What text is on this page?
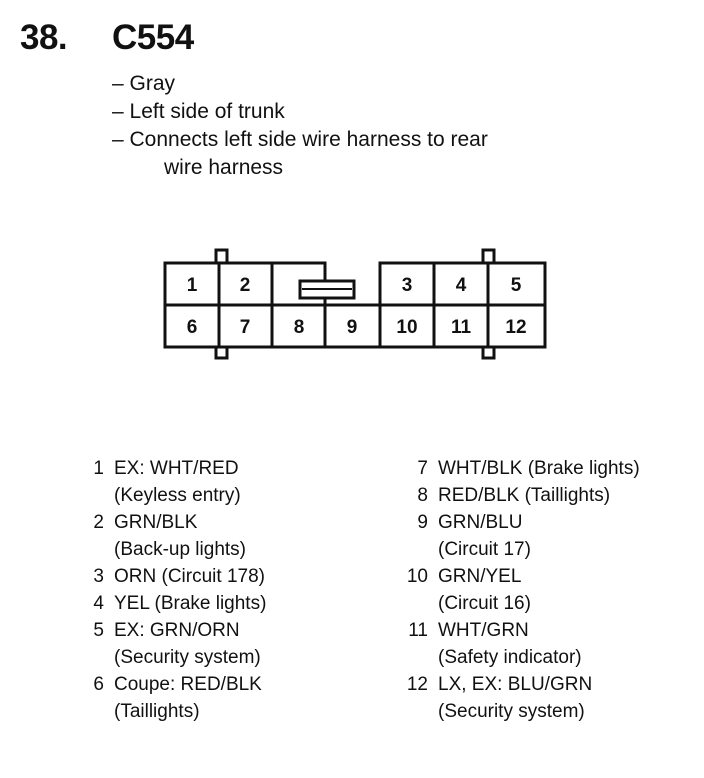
38. C554
– Gray
– Left side of trunk
– Connects left side wire harness to rear
wire harness
1 2	3 4 5
6 7 8 9 10 11 12
1 EX: WHT/RED
(Keyless entry)
2 GRN/BLK
(Back-up lights)
3 ORN (Circuit 178)
4 YEL (Brake lights)
5 EX: GRN/ORN
(Security system)
6 Coupe: RED/BLK
(Taillights)
7 WHT/BLK (Brake lights)
8 RED/BLK (Taillights)
9 GRN/BLU
(Circuit 17)
10 GRN/YEL
(Circuit 16)
11 WHT/GRN
(Safety indicator)
12 LX, EX: BLU/GRN
(Security system)
